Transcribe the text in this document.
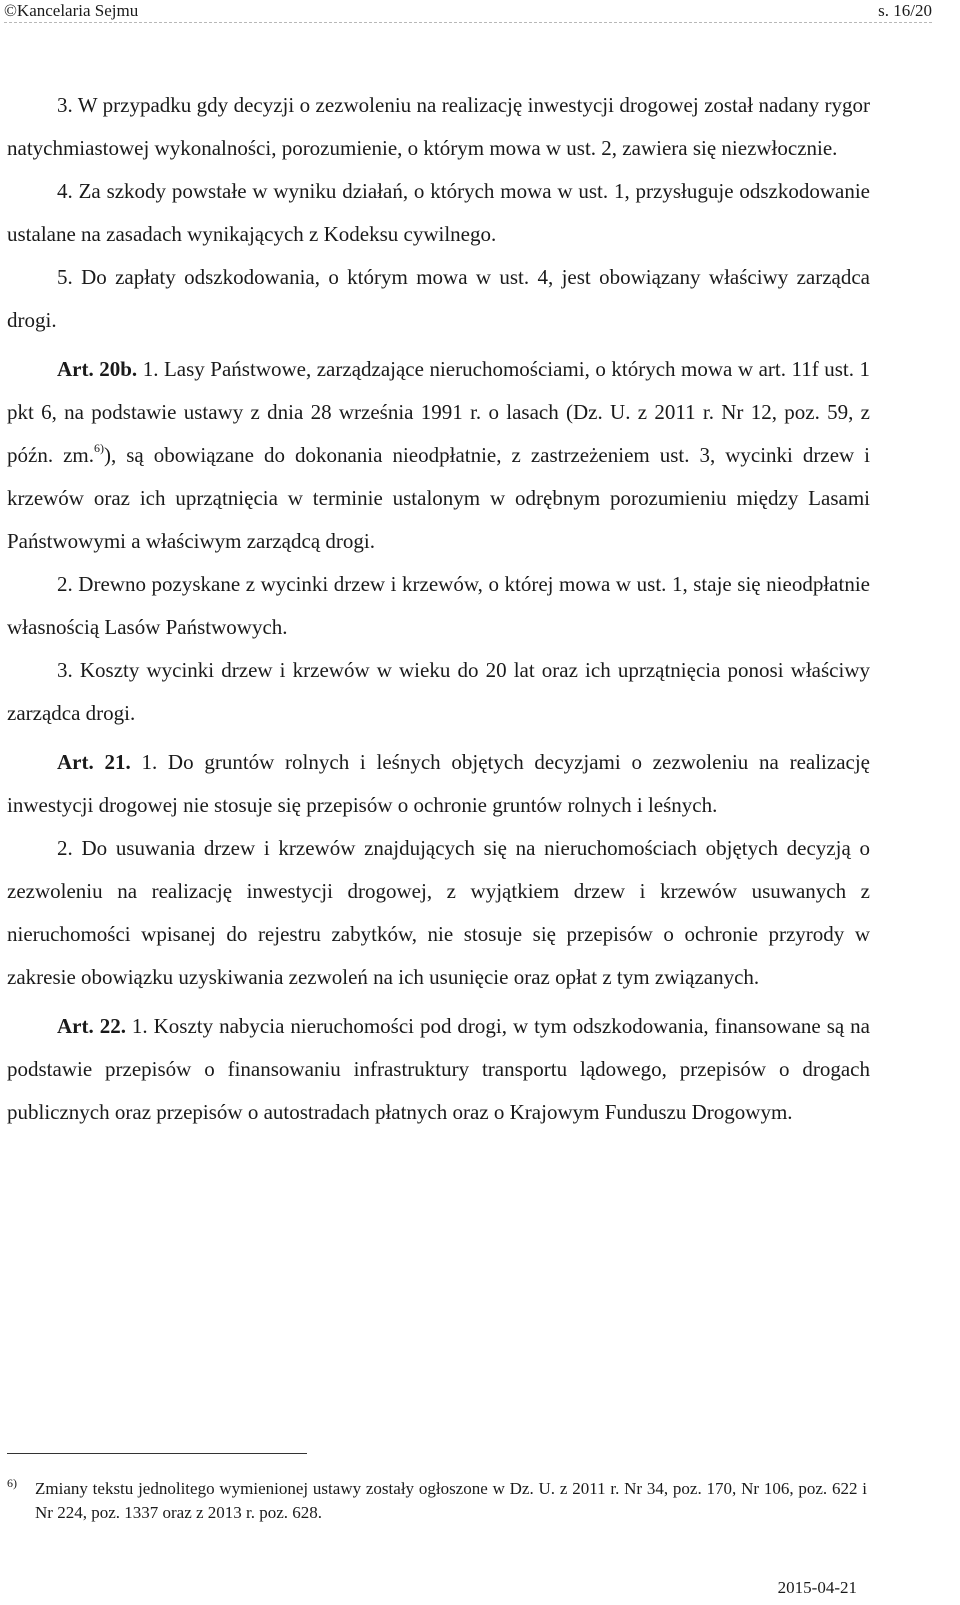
©Kancelaria Sejmu	s. 16/20

3. W przypadku gdy decyzji o zezwoleniu na realizację inwestycji drogowej został nadany rygor natychmiastowej wykonalności, porozumienie, o którym mowa w ust. 2, zawiera się niezwłocznie.

4. Za szkody powstałe w wyniku działań, o których mowa w ust. 1, przysługuje odszkodowanie ustalane na zasadach wynikających z Kodeksu cywilnego.

5. Do zapłaty odszkodowania, o którym mowa w ust. 4, jest obowiązany właściwy zarządca drogi.

Art. 20b. 1. Lasy Państwowe, zarządzające nieruchomościami, o których mowa w art. 11f ust. 1 pkt 6, na podstawie ustawy z dnia 28 września 1991 r. o lasach (Dz. U. z 2011 r. Nr 12, poz. 59, z późn. zm.$^{6)}$), są obowiązane do dokonania nieodpłatnie, z zastrzeżeniem ust. 3, wycinki drzew i krzewów oraz ich uprzątnięcia w terminie ustalonym w odrębnym porozumieniu między Lasami Państwowymi a właściwym zarządcą drogi.

2. Drewno pozyskane z wycinki drzew i krzewów, o której mowa w ust. 1, staje się nieodpłatnie własnością Lasów Państwowych.

3. Koszty wycinki drzew i krzewów w wieku do 20 lat oraz ich uprzątnięcia ponosi właściwy zarządca drogi.

Art. 21. 1. Do gruntów rolnych i leśnych objętych decyzjami o zezwoleniu na realizację inwestycji drogowej nie stosuje się przepisów o ochronie gruntów rolnych i leśnych.

2. Do usuwania drzew i krzewów znajdujących się na nieruchomościach objętych decyzją o zezwoleniu na realizację inwestycji drogowej, z wyjątkiem drzew i krzewów usuwanych z nieruchomości wpisanej do rejestru zabytków, nie stosuje się przepisów o ochronie przyrody w zakresie obowiązku uzyskiwania zezwoleń na ich usunięcie oraz opłat z tym związanych.

Art. 22. 1. Koszty nabycia nieruchomości pod drogi, w tym odszkodowania, finansowane są na podstawie przepisów o finansowaniu infrastruktury transportu lądowego, przepisów o drogach publicznych oraz przepisów o autostradach płatnych oraz o Krajowym Funduszu Drogowym.

6)	Zmiany tekstu jednolitego wymienionej ustawy zostały ogłoszone w Dz. U. z 2011 r. Nr 34, poz. 170, Nr 106, poz. 622 i Nr 224, poz. 1337 oraz z 2013 r. poz. 628.
2015-04-21
